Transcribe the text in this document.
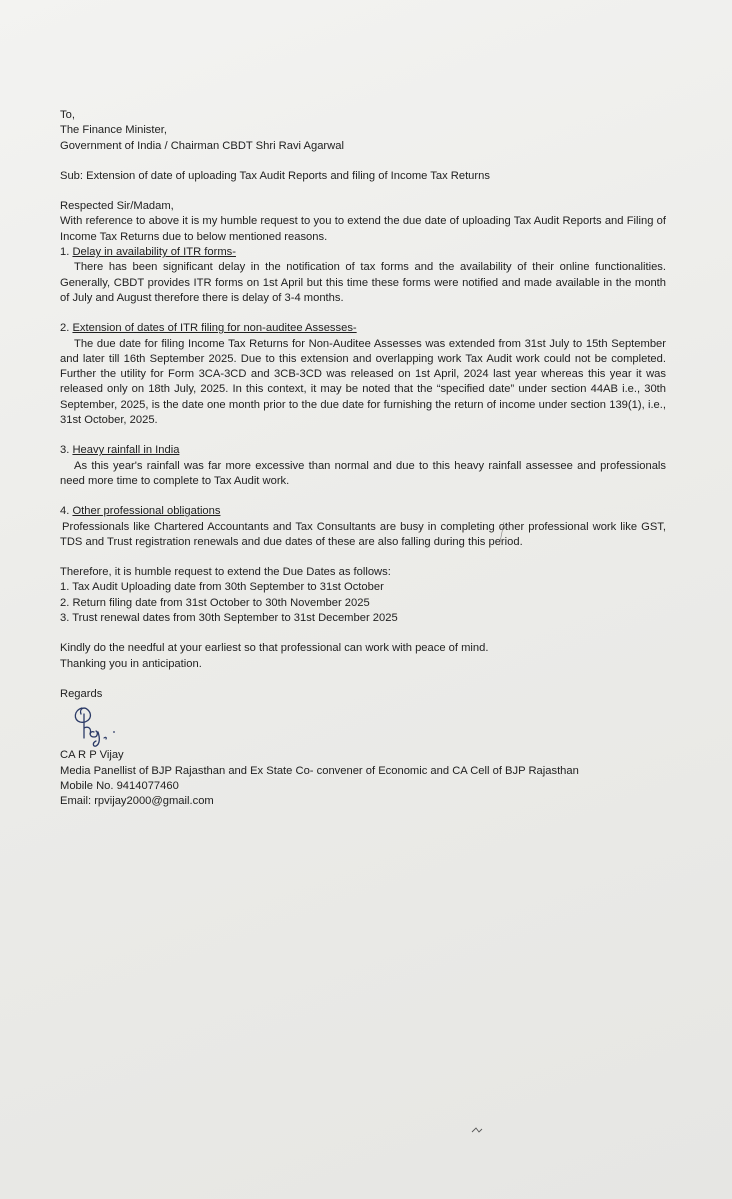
To,

The Finance Minister,

Government of India / Chairman CBDT Shri Ravi Agarwal

Sub: Extension of date of uploading Tax Audit Reports and filing of Income Tax Returns

Respected Sir/Madam,

With reference to above it is my humble request to you to extend the due date of uploading Tax Audit Reports and Filing of Income Tax Returns due to below mentioned reasons.

1. Delay in availability of ITR forms-

There has been significant delay in the notification of tax forms and the availability of their online functionalities. Generally, CBDT provides ITR forms on 1st April but this time these forms were notified and made available in the month of July and August therefore there is delay of 3-4 months.

2. Extension of dates of ITR filing for non-auditee Assesses-

The due date for filing Income Tax Returns for Non-Auditee Assesses was extended from 31st July to 15th September and later till 16th September 2025. Due to this extension and overlapping work Tax Audit work could not be completed. Further the utility for Form 3CA-3CD and 3CB-3CD was released on 1st April, 2024 last year whereas this year it was released only on 18th July, 2025. In this context, it may be noted that the “specified date” under section 44AB i.e., 30th September, 2025, is the date one month prior to the due date for furnishing the return of income under section 139(1), i.e., 31st October, 2025.

3. Heavy rainfall in India

As this year's rainfall was far more excessive than normal and due to this heavy rainfall assessee and professionals need more time to complete to Tax Audit work.

4. Other professional obligations

Professionals like Chartered Accountants and Tax Consultants are busy in completing other professional work like GST, TDS and Trust registration renewals and due dates of these are also falling during this period.

Therefore, it is humble request to extend the Due Dates as follows:

1. Tax Audit Uploading date from 30th September to 31st October

2. Return filing date from 31st October to 30th November 2025

3. Trust renewal dates from 30th September to 31st December 2025

Kindly do the needful at your earliest so that professional can work with peace of mind.

Thanking you in anticipation.

Regards

CA R P Vijay

Media Panellist of BJP Rajasthan and Ex State Co- convener of Economic and CA Cell of BJP Rajasthan

Mobile No. 9414077460

Email: rpvijay2000@gmail.com
